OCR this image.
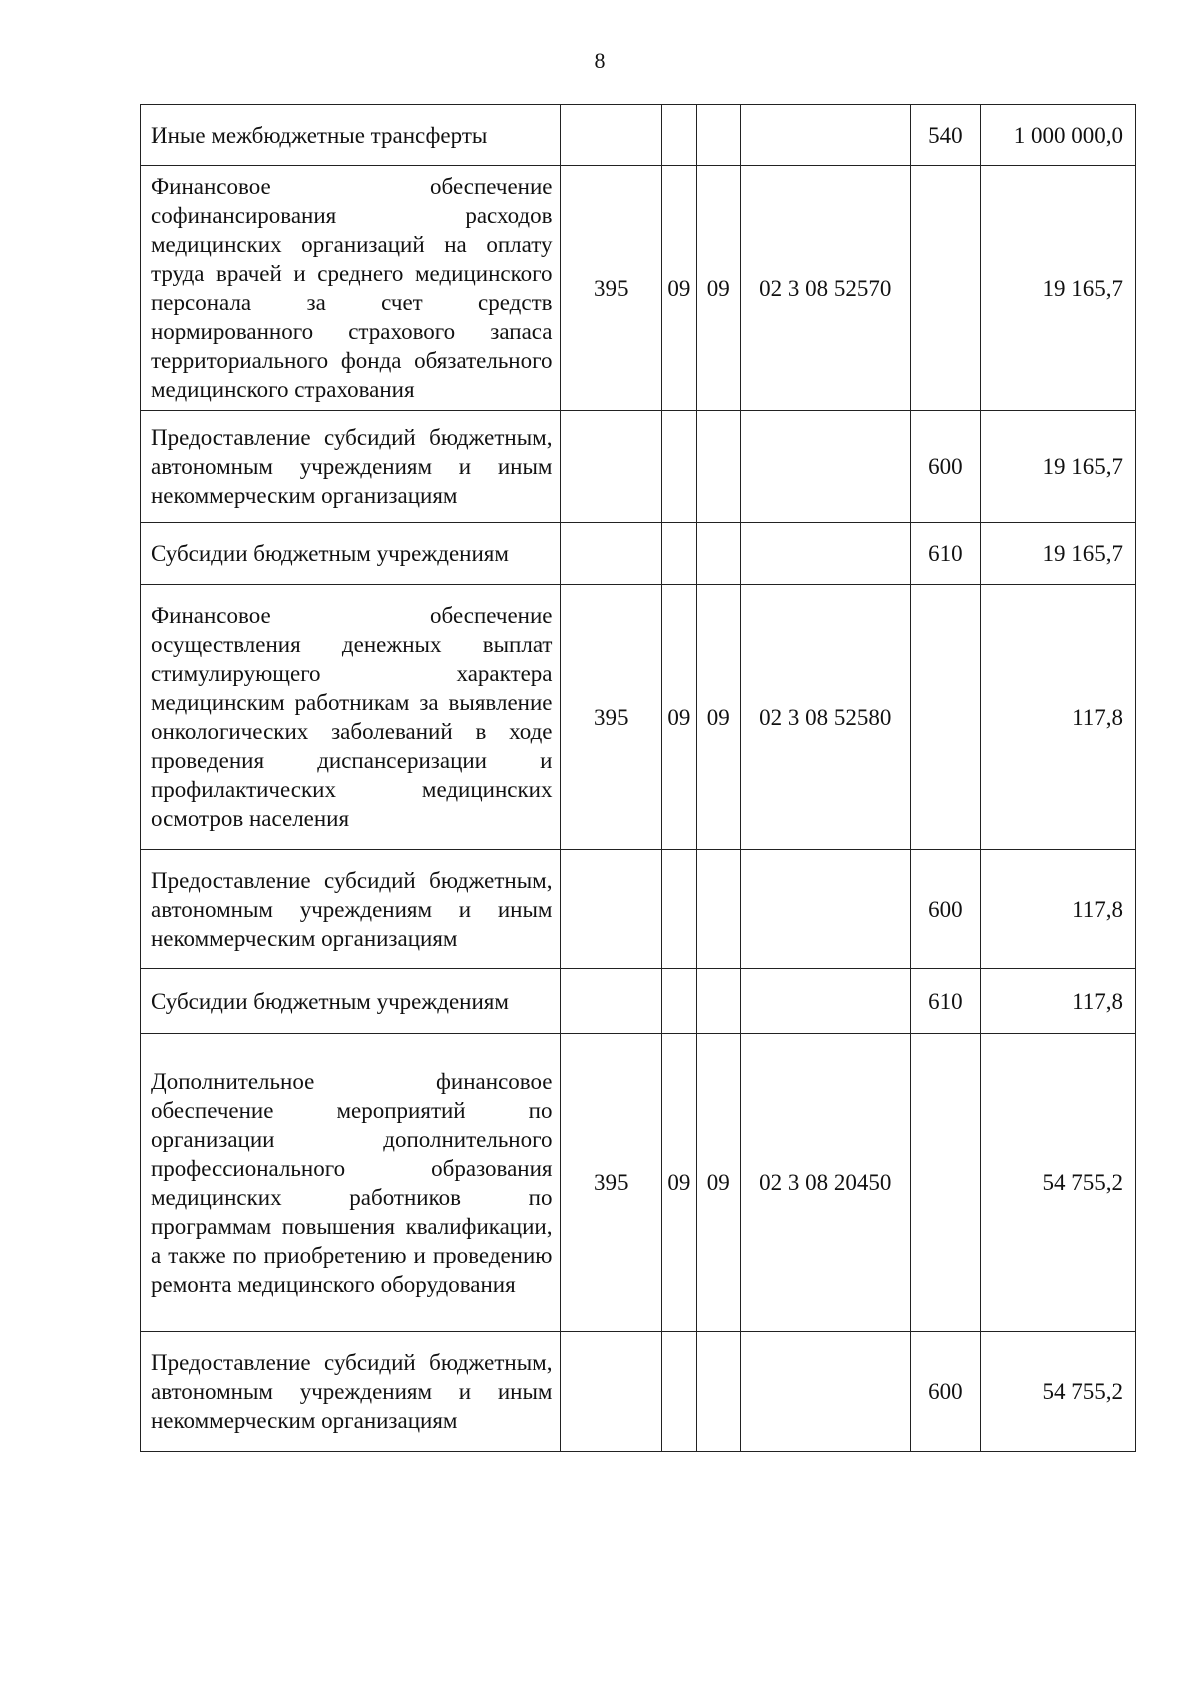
8
Иные межбюджетные трансферты					540	1 000 000,0
Финансовое обеспечение софинансирования расходов медицинских организаций на оплату труда врачей и среднего медицинского персонала за счет средств нормированного страхового запаса территориального фонда обязательного медицинского страхования	395	09	09	02 3 08 52570		19 165,7
Предоставление субсидий бюджетным, автономным учреждениям и иным некоммерческим организациям					600	19 165,7
Субсидии бюджетным учреждениям					610	19 165,7
Финансовое обеспечение осуществления денежных выплат стимулирующего характера медицинским работникам за выявление онкологических заболеваний в ходе проведения диспансеризации и профилактических медицинских осмотров населения	395	09	09	02 3 08 52580		117,8
Предоставление субсидий бюджетным, автономным учреждениям и иным некоммерческим организациям					600	117,8
Субсидии бюджетным учреждениям					610	117,8
Дополнительное финансовое обеспечение мероприятий по организации дополнительного профессионального образования медицинских работников по программам повышения квалификации, а также по приобретению и проведению ремонта медицинского оборудования	395	09	09	02 3 08 20450		54 755,2
Предоставление субсидий бюджетным, автономным учреждениям и иным некоммерческим организациям					600	54 755,2
